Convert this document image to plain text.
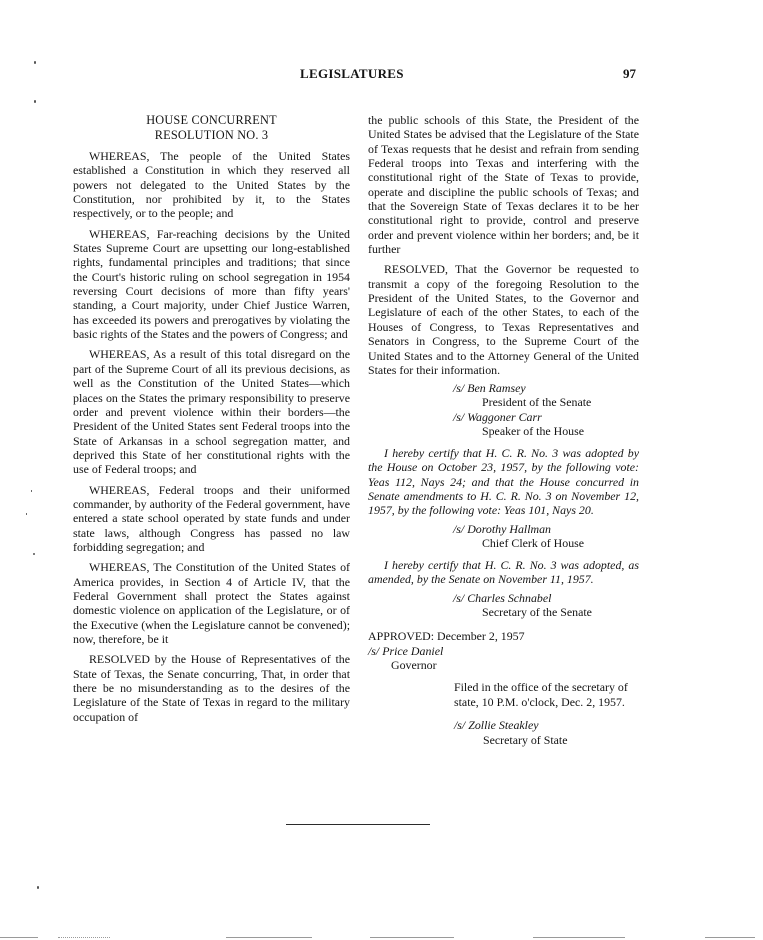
LEGISLATURES	97
HOUSE CONCURRENT
RESOLUTION NO. 3

WHEREAS, The people of the United States established a Constitution in which they reserved all powers not delegated to the United States by the Constitution, nor prohibited by it, to the States respectively, or to the people; and

WHEREAS, Far-reaching decisions by the United States Supreme Court are upsetting our long-established rights, fundamental principles and traditions; that since the Court's historic ruling on school segregation in 1954 reversing Court decisions of more than fifty years' standing, a Court majority, under Chief Justice Warren, has exceeded its powers and prerogatives by violating the basic rights of the States and the powers of Congress; and

WHEREAS, As a result of this total disregard on the part of the Supreme Court of all its previous decisions, as well as the Constitution of the United States—which places on the States the primary responsibility to preserve order and prevent violence within their borders—the President of the United States sent Federal troops into the State of Arkansas in a school segregation matter, and deprived this State of her constitutional rights with the use of Federal troops; and

WHEREAS, Federal troops and their uniformed commander, by authority of the Federal government, have entered a state school operated by state funds and under state laws, although Congress has passed no law forbidding segregation; and

WHEREAS, The Constitution of the United States of America provides, in Section 4 of Article IV, that the Federal Government shall protect the States against domestic violence on application of the Legislature, or of the Executive (when the Legislature cannot be convened); now, therefore, be it

RESOLVED by the House of Representatives of the State of Texas, the Senate concurring, That, in order that there be no misunderstanding as to the desires of the Legislature of the State of Texas in regard to the military occupation of

the public schools of this State, the President of the United States be advised that the Legislature of the State of Texas requests that he desist and refrain from sending Federal troops into Texas and interfering with the constitutional right of the State of Texas to provide, operate and discipline the public schools of Texas; and that the Sovereign State of Texas declares it to be her constitutional right to provide, control and preserve order and prevent violence within her borders; and, be it further

RESOLVED, That the Governor be requested to transmit a copy of the foregoing Resolution to the President of the United States, to the Governor and Legislature of each of the other States, to each of the Houses of Congress, to Texas Representatives and Senators in Congress, to the Supreme Court of the United States and to the Attorney General of the United States for their information.

/s/ Ben Ramsey
President of the Senate
/s/ Waggoner Carr
Speaker of the House

I hereby certify that H. C. R. No. 3 was adopted by the House on October 23, 1957, by the following vote: Yeas 112, Nays 24; and that the House concurred in Senate amendments to H. C. R. No. 3 on November 12, 1957, by the following vote: Yeas 101, Nays 20.

/s/ Dorothy Hallman
Chief Clerk of House

I hereby certify that H. C. R. No. 3 was adopted, as amended, by the Senate on November 11, 1957.

/s/ Charles Schnabel
Secretary of the Senate
APPROVED: December 2, 1957
/s/ Price Daniel
Governor
Filed in the office of the secretary of state, 10 P.M. o'clock, Dec. 2, 1957.
/s/ Zollie Steakley
Secretary of State
